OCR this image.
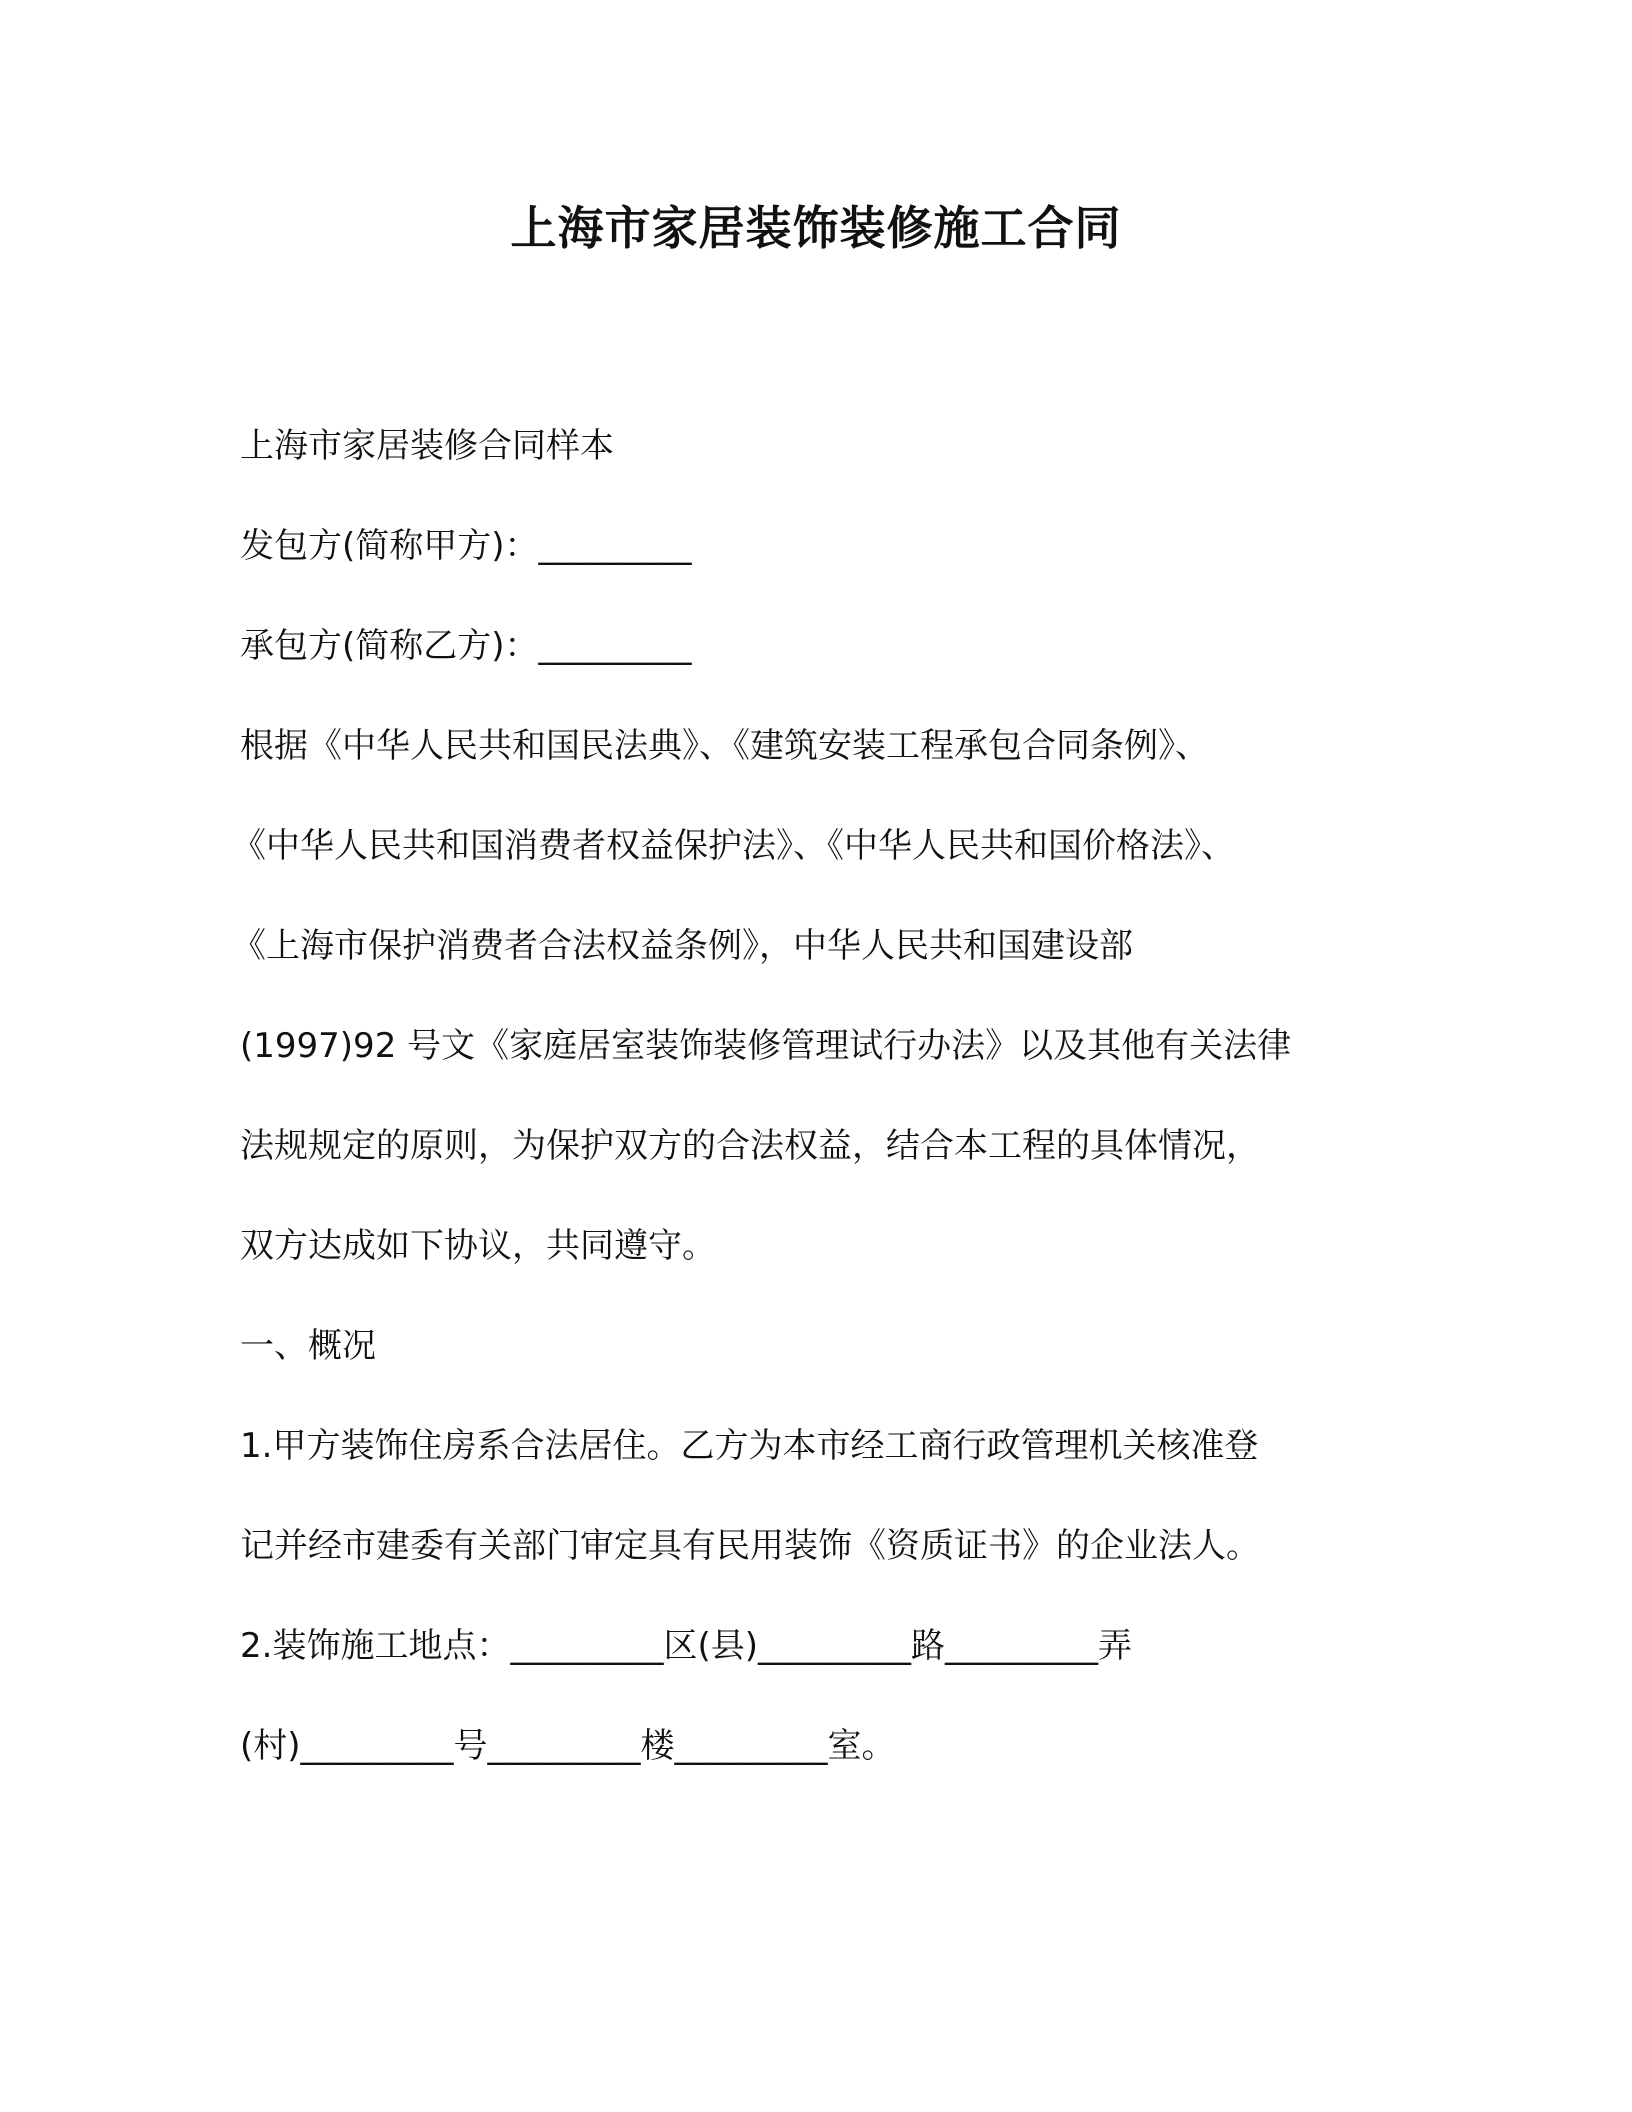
上海市家居装饰装修施工合同
上海市家居装修合同样本
发包方(简称甲方)：_________
承包方(简称乙方)：_________
根据《中华人民共和国民法典》、《建筑安装工程承包合同条例》、
《中华人民共和国消费者权益保护法》、《中华人民共和国价格法》、
《上海市保护消费者合法权益条例》，中华人民共和国建设部
(1997)92 号文《家庭居室装饰装修管理试行办法》以及其他有关法律
法规规定的原则，为保护双方的合法权益，结合本工程的具体情况，
双方达成如下协议，共同遵守。
一、概况
1.甲方装饰住房系合法居住。乙方为本市经工商行政管理机关核准登
记并经市建委有关部门审定具有民用装饰《资质证书》的企业法人。
2.装饰施工地点：_________区(县)_________路_________弄
(村)_________号_________楼_________室。
